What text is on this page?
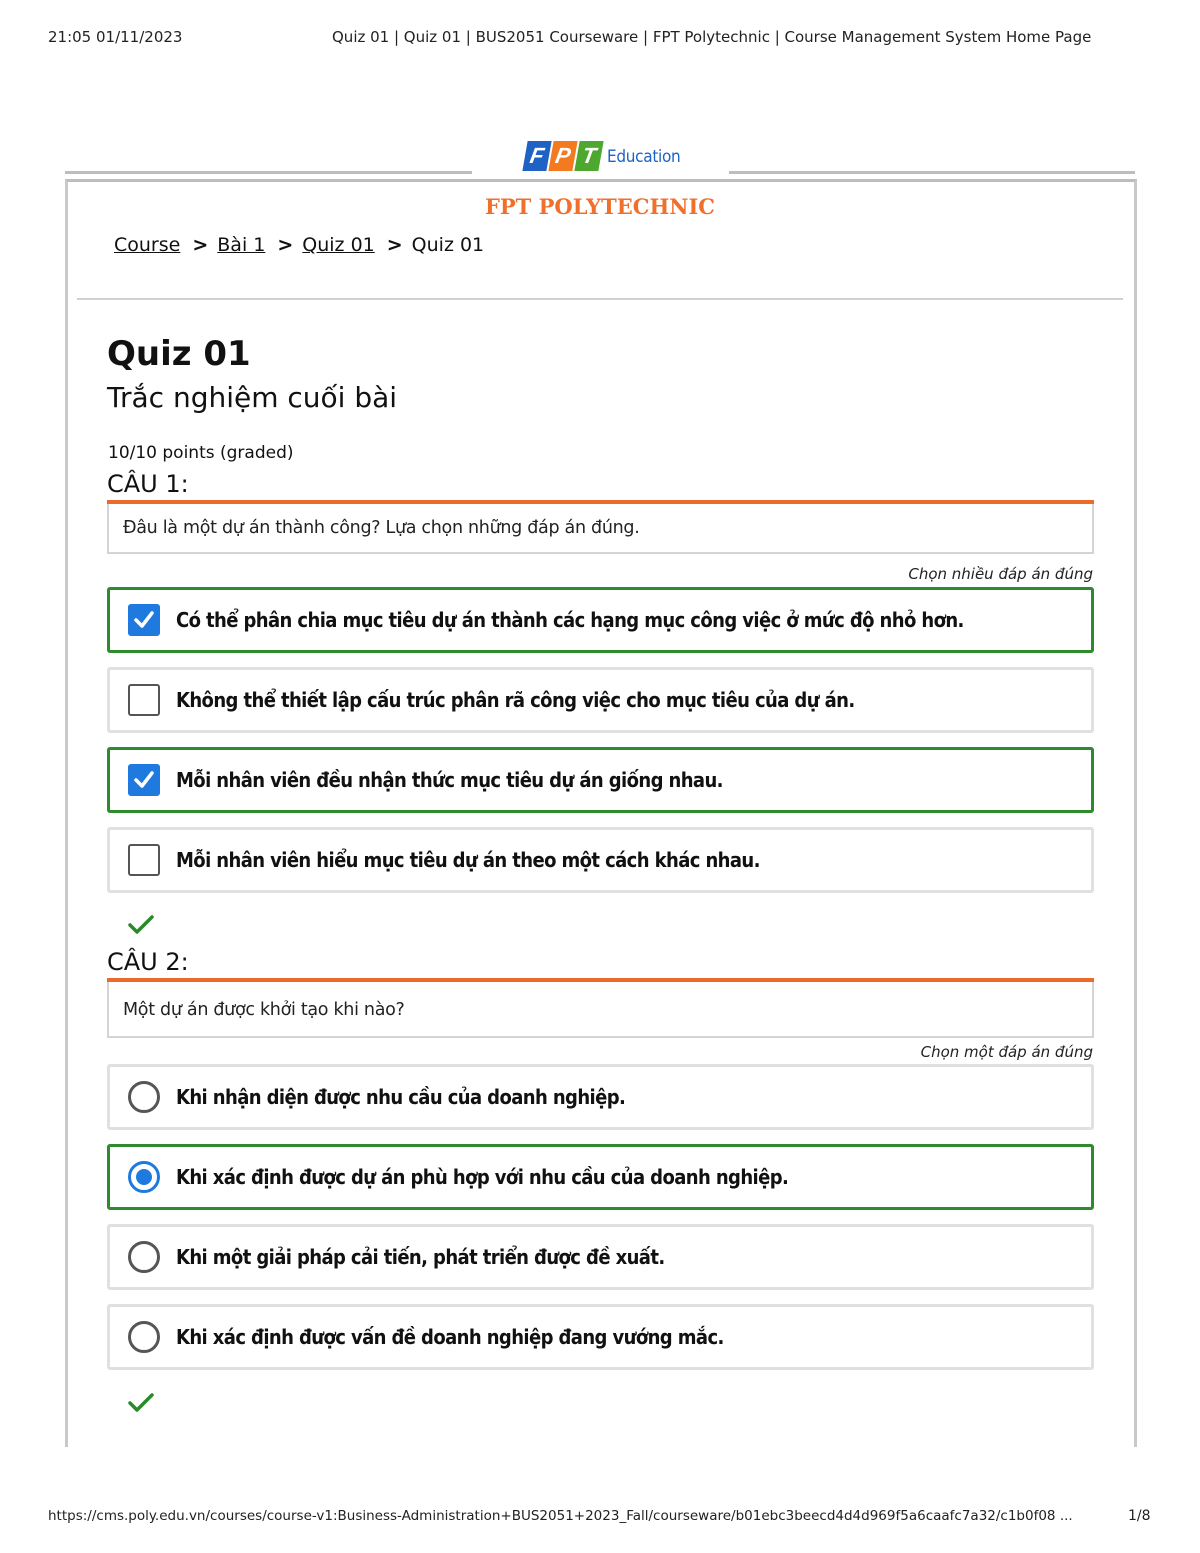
21:05 01/11/2023	Quiz 01 | Quiz 01 | BUS2051 Courseware | FPT Polytechnic | Course Management System Home Page
F P T Education
FPT POLYTECHNIC
Course > Bài 1 > Quiz 01 > Quiz 01
Quiz 01
Trắc nghiệm cuối bài
10/10 points (graded)
CÂU 1:
Đâu là một dự án thành công? Lựa chọn những đáp án đúng.
Chọn nhiều đáp án đúng
Có thể phân chia mục tiêu dự án thành các hạng mục công việc ở mức độ nhỏ hơn.
Không thể thiết lập cấu trúc phân rã công việc cho mục tiêu của dự án.
Mỗi nhân viên đều nhận thức mục tiêu dự án giống nhau.
Mỗi nhân viên hiểu mục tiêu dự án theo một cách khác nhau.
CÂU 2:
Một dự án được khởi tạo khi nào?
Chọn một đáp án đúng
Khi nhận diện được nhu cầu của doanh nghiệp.
Khi xác định được dự án phù hợp với nhu cầu của doanh nghiệp.
Khi một giải pháp cải tiến, phát triển được đề xuất.
Khi xác định được vấn đề doanh nghiệp đang vướng mắc.
https://cms.poly.edu.vn/courses/course-v1:Business-Administration+BUS2051+2023_Fall/courseware/b01ebc3beecd4d4d969f5a6caafc7a32/c1b0f08 ...	1/8
